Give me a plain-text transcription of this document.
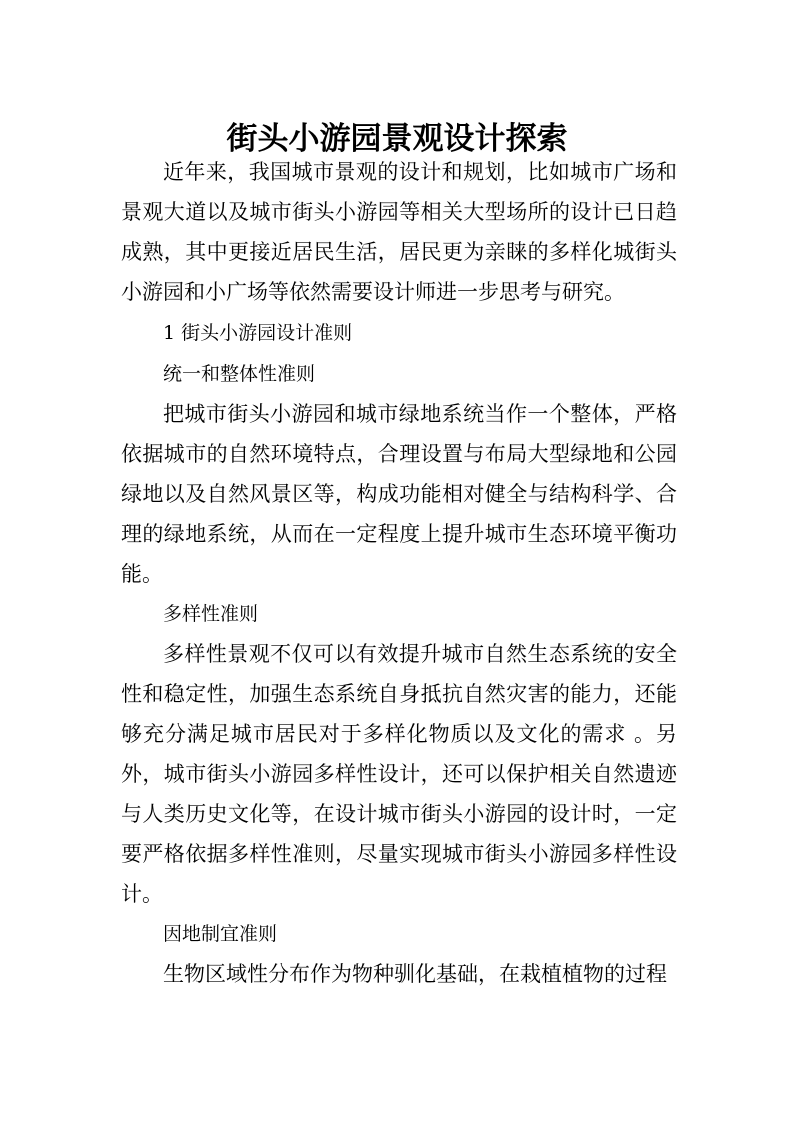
街头小游园景观设计探索

近年来，我国城市景观的设计和规划，比如城市广场和景观大道以及城市街头小游园等相关大型场所的设计已日趋成熟，其中更接近居民生活，居民更为亲睐的多样化城街头小游园和小广场等依然需要设计师进一步思考与研究。

1 街头小游园设计准则

统一和整体性准则

把城市街头小游园和城市绿地系统当作一个整体，严格依据城市的自然环境特点，合理设置与布局大型绿地和公园绿地以及自然风景区等，构成功能相对健全与结构科学、合理的绿地系统，从而在一定程度上提升城市生态环境平衡功能。

多样性准则

多样性景观不仅可以有效提升城市自然生态系统的安全性和稳定性，加强生态系统自身抵抗自然灾害的能力，还能够充分满足城市居民对于多样化物质以及文化的需求 。另外，城市街头小游园多样性设计，还可以保护相关自然遗迹与人类历史文化等，在设计城市街头小游园的设计时，一定要严格依据多样性准则，尽量实现城市街头小游园多样性设计。

因地制宜准则

生物区域性分布作为物种驯化基础，在栽植植物的过程
